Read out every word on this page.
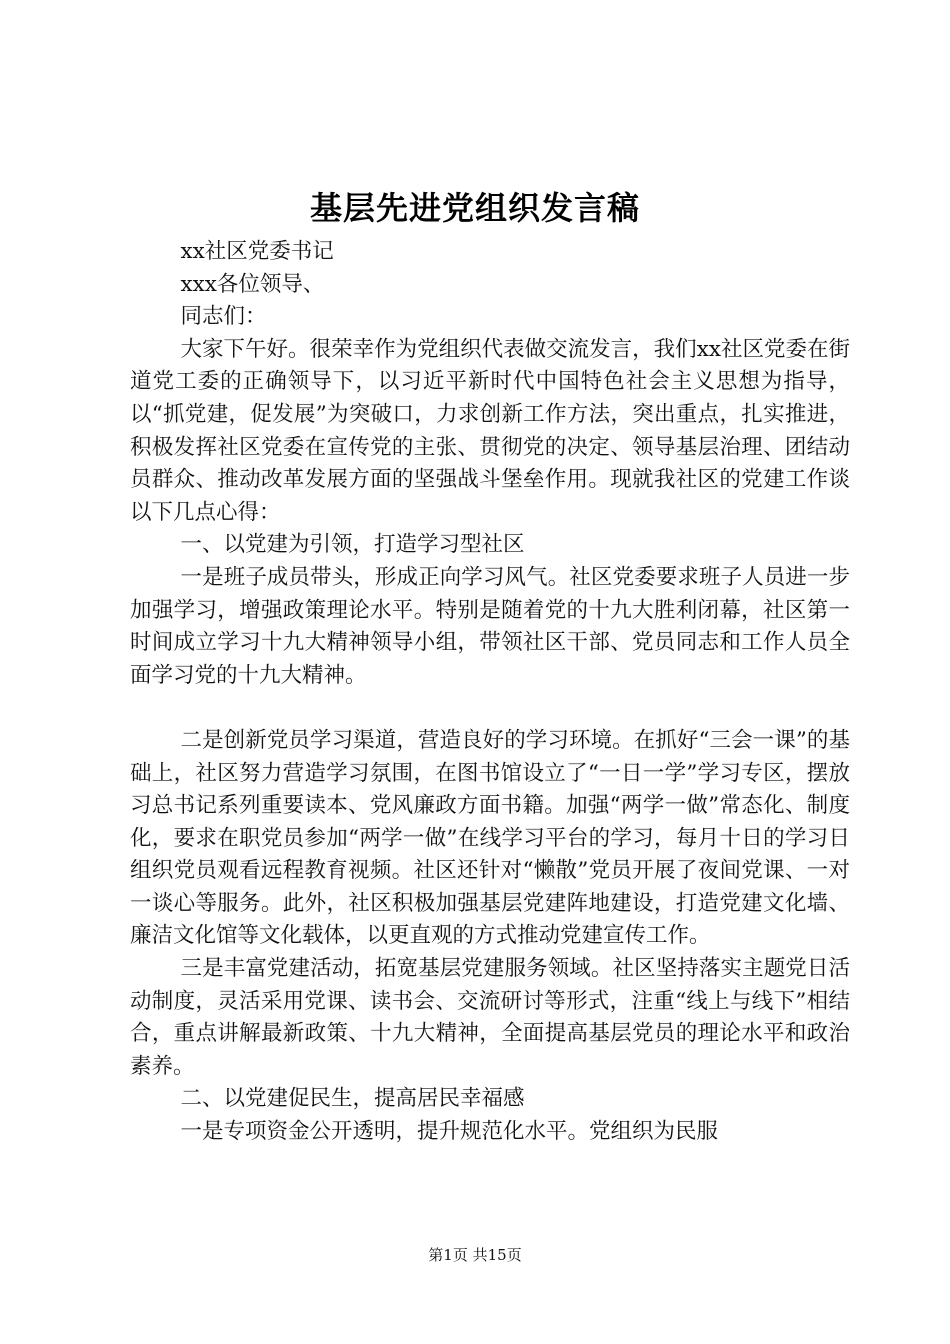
基层先进党组织发言稿

xx社区党委书记

xxx各位领导、

同志们：

大家下午好。很荣幸作为党组织代表做交流发言，我们xx社区党委在街道党工委的正确领导下，以习近平新时代中国特色社会主义思想为指导，以“抓党建，促发展”为突破口，力求创新工作方法，突出重点，扎实推进，积极发挥社区党委在宣传党的主张、贯彻党的决定、领导基层治理、团结动员群众、推动改革发展方面的坚强战斗堡垒作用。现就我社区的党建工作谈以下几点心得：

一、以党建为引领，打造学习型社区

一是班子成员带头，形成正向学习风气。社区党委要求班子人员进一步加强学习，增强政策理论水平。特别是随着党的十九大胜利闭幕，社区第一时间成立学习十九大精神领导小组，带领社区干部、党员同志和工作人员全面学习党的十九大精神。

二是创新党员学习渠道，营造良好的学习环境。在抓好“三会一课”的基础上，社区努力营造学习氛围，在图书馆设立了“一日一学”学习专区，摆放习总书记系列重要读本、党风廉政方面书籍。加强“两学一做”常态化、制度化，要求在职党员参加“两学一做”在线学习平台的学习，每月十日的学习日组织党员观看远程教育视频。社区还针对“懒散”党员开展了夜间党课、一对一谈心等服务。此外，社区积极加强基层党建阵地建设，打造党建文化墙、廉洁文化馆等文化载体，以更直观的方式推动党建宣传工作。

三是丰富党建活动，拓宽基层党建服务领域。社区坚持落实主题党日活动制度，灵活采用党课、读书会、交流研讨等形式，注重“线上与线下”相结合，重点讲解最新政策、十九大精神，全面提高基层党员的理论水平和政治素养。

二、以党建促民生，提高居民幸福感

一是专项资金公开透明，提升规范化水平。党组织为民服

第1页 共15页
